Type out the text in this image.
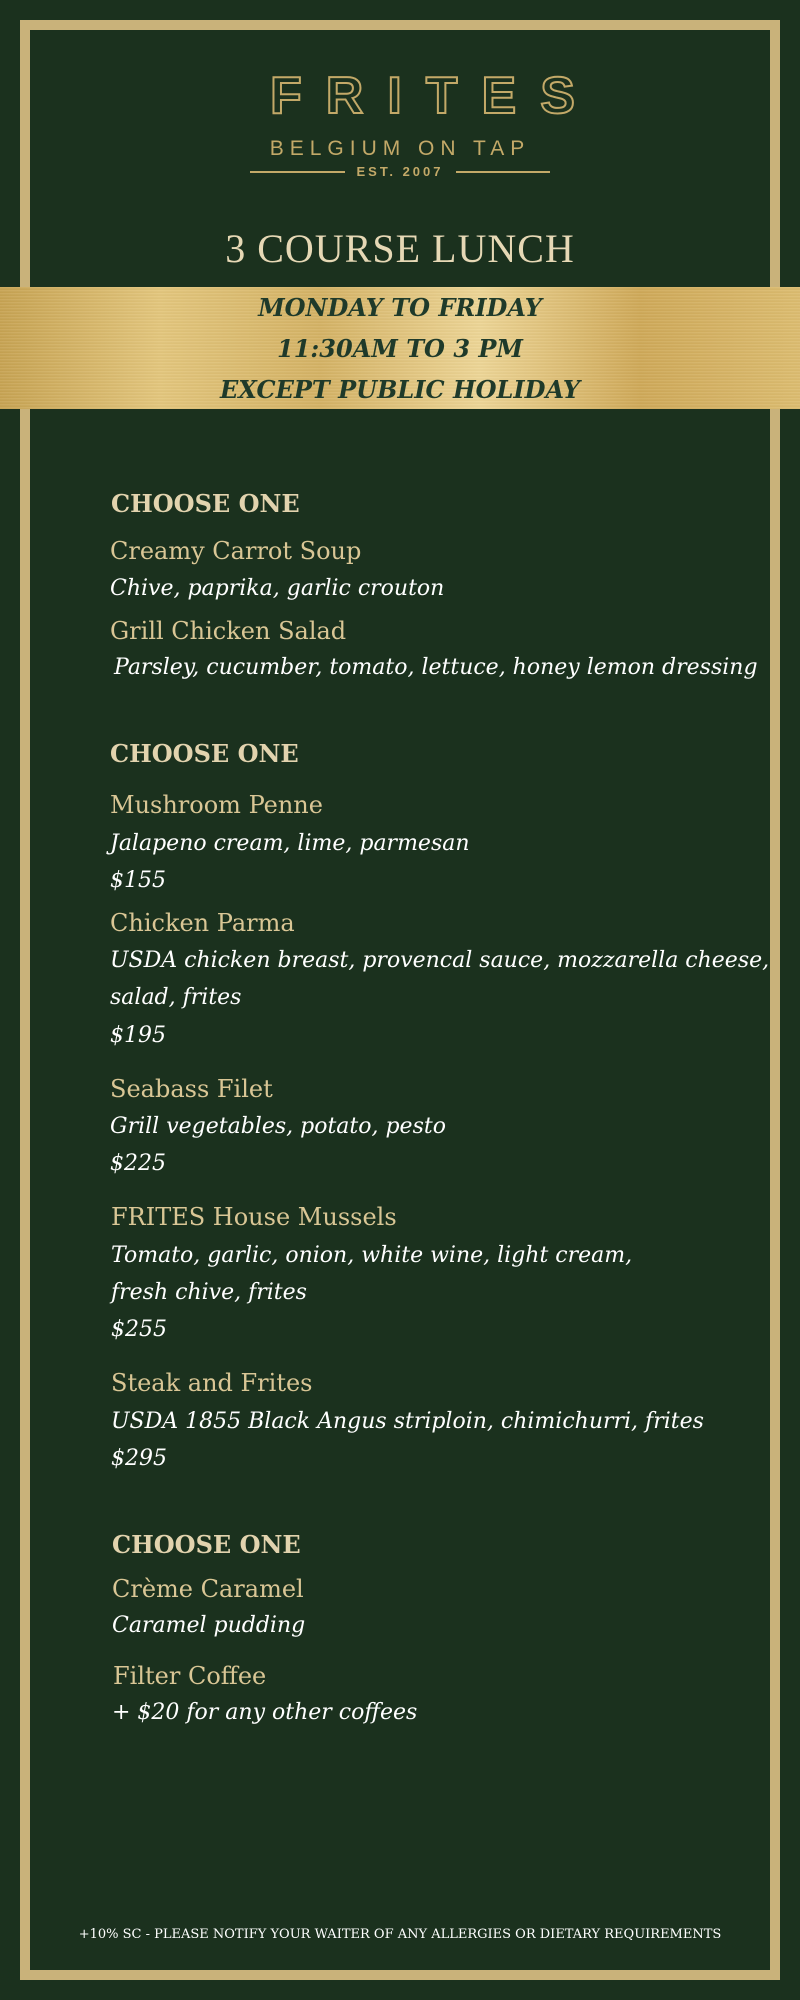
FRITES
BELGIUM ON TAP
EST. 2007
3 COURSE LUNCH
MONDAY TO FRIDAY
11:30AM TO 3 PM
EXCEPT PUBLIC HOLIDAY
CHOOSE ONE
Creamy Carrot Soup
Chive, paprika, garlic crouton
Grill Chicken Salad
Parsley, cucumber, tomato, lettuce, honey lemon dressing
CHOOSE ONE
Mushroom Penne
Jalapeno cream, lime, parmesan
$155
Chicken Parma
USDA chicken breast, provencal sauce, mozzarella cheese,
salad, frites
$195
Seabass Filet
Grill vegetables, potato, pesto
$225
FRITES House Mussels
Tomato, garlic, onion, white wine, light cream,
fresh chive, frites
$255
Steak and Frites
USDA 1855 Black Angus striploin, chimichurri, frites
$295
CHOOSE ONE
Crème Caramel
Caramel pudding
Filter Coffee
+ $20 for any other coffees
+10% SC - PLEASE NOTIFY YOUR WAITER OF ANY ALLERGIES OR DIETARY REQUIREMENTS
